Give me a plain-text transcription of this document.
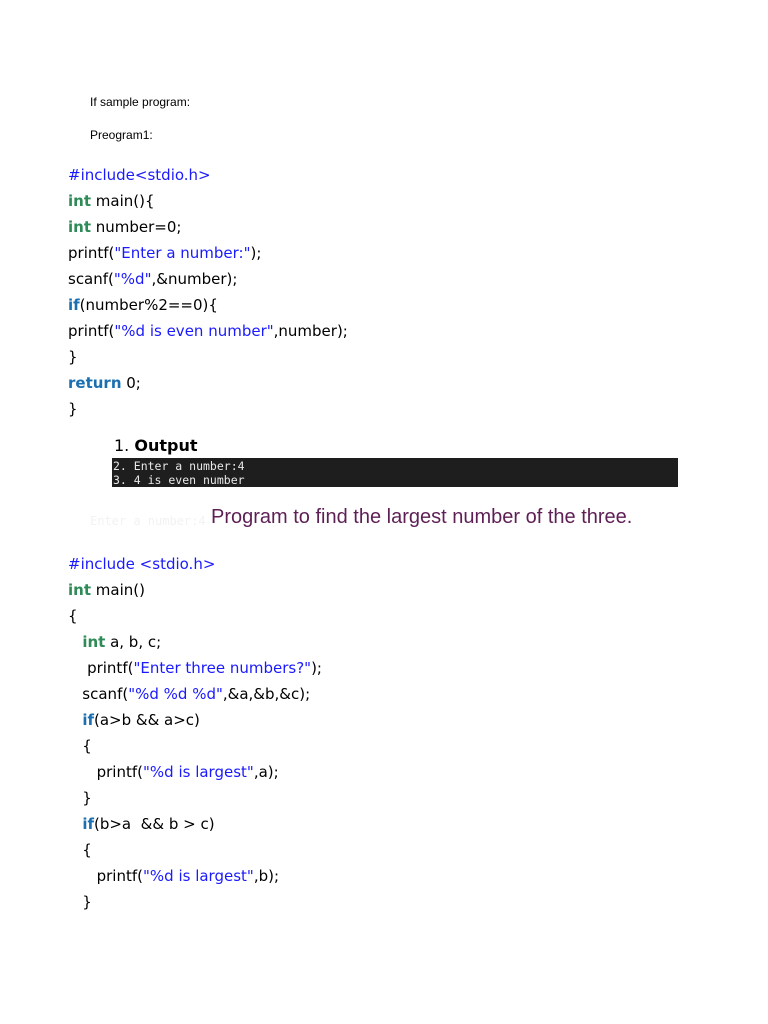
If sample program:
Preogram1:
#include<stdio.h>
int main(){
int number=0;
printf("Enter a number:");
scanf("%d",&number);
if(number%2==0){
printf("%d is even number",number);
}
return 0;
}
1. Output
2. Enter a number:4
3. 4 is even number
Enter a number:4 Program to find the largest number of the three.
#include <stdio.h>
int main()
{
int a, b, c;
printf("Enter three numbers?");
scanf("%d %d %d",&a,&b,&c);
if(a>b && a>c)
{
printf("%d is largest",a);
}
if(b>a  && b > c)
{
printf("%d is largest",b);
}
